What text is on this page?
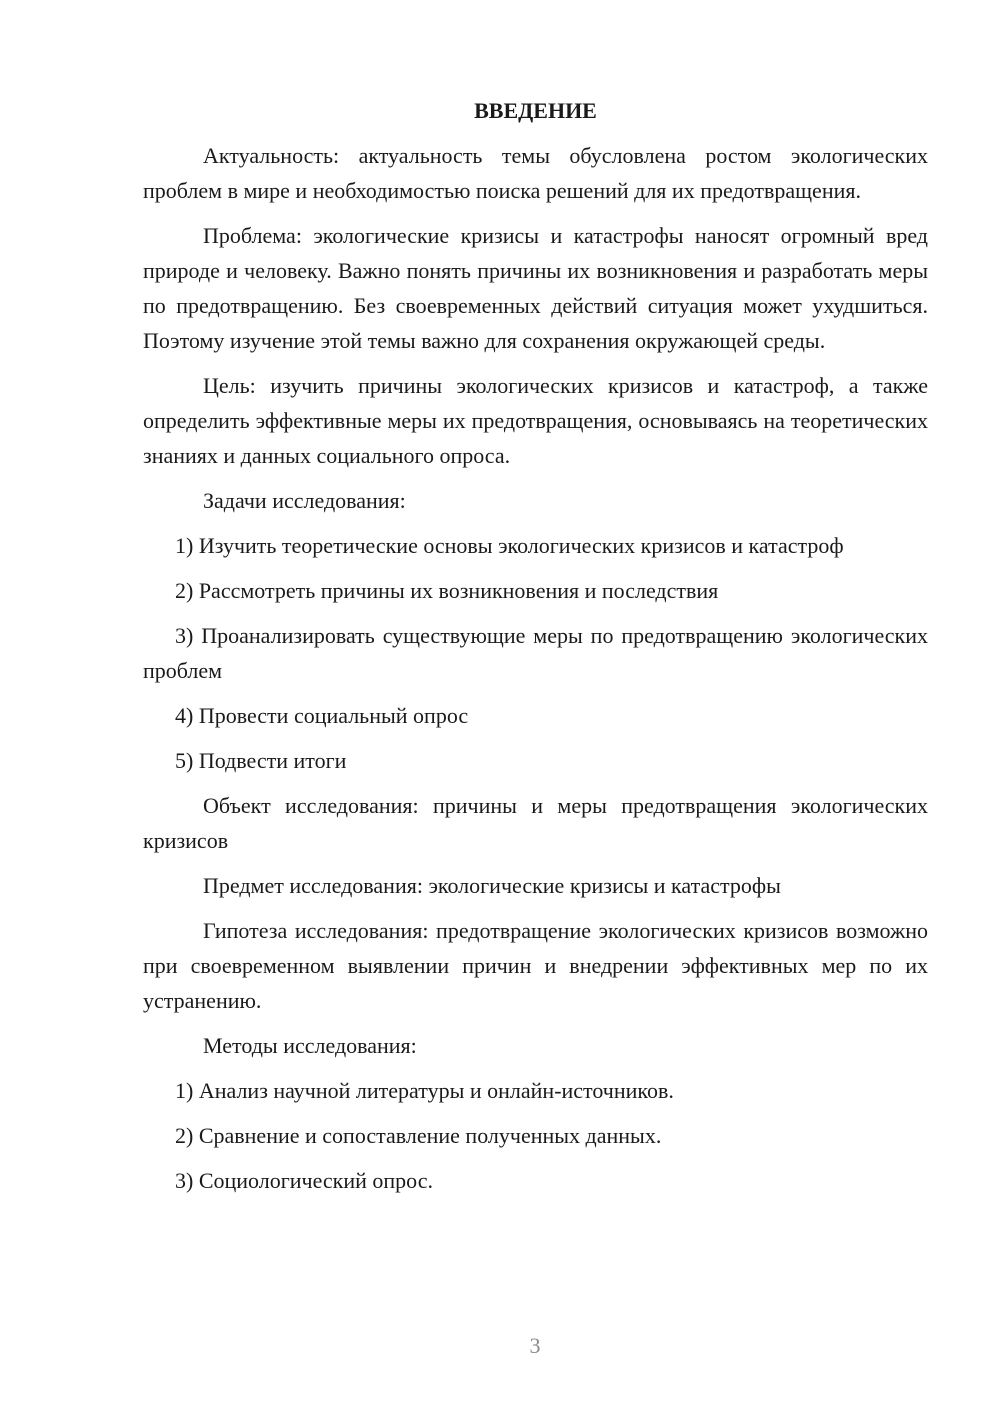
ВВЕДЕНИЕ
Актуальность: актуальность темы обусловлена ростом экологических проблем в мире и необходимостью поиска решений для их предотвращения.
Проблема: экологические кризисы и катастрофы наносят огромный вред природе и человеку. Важно понять причины их возникновения и разработать меры по предотвращению. Без своевременных действий ситуация может ухудшиться. Поэтому изучение этой темы важно для сохранения окружающей среды.
Цель: изучить причины экологических кризисов и катастроф, а также определить эффективные меры их предотвращения, основываясь на теоретических знаниях и данных социального опроса.
Задачи исследования:
1) Изучить теоретические основы экологических кризисов и катастроф
2) Рассмотреть причины их возникновения и последствия
3) Проанализировать существующие меры по предотвращению экологических проблем
4) Провести социальный опрос
5) Подвести итоги
Объект исследования: причины и меры предотвращения экологических кризисов
Предмет исследования: экологические кризисы и катастрофы
Гипотеза исследования: предотвращение экологических кризисов возможно при своевременном выявлении причин и внедрении эффективных мер по их устранению.
Методы исследования:
1) Анализ научной литературы и онлайн-источников.
2) Сравнение и сопоставление полученных данных.
3) Социологический опрос.
3
